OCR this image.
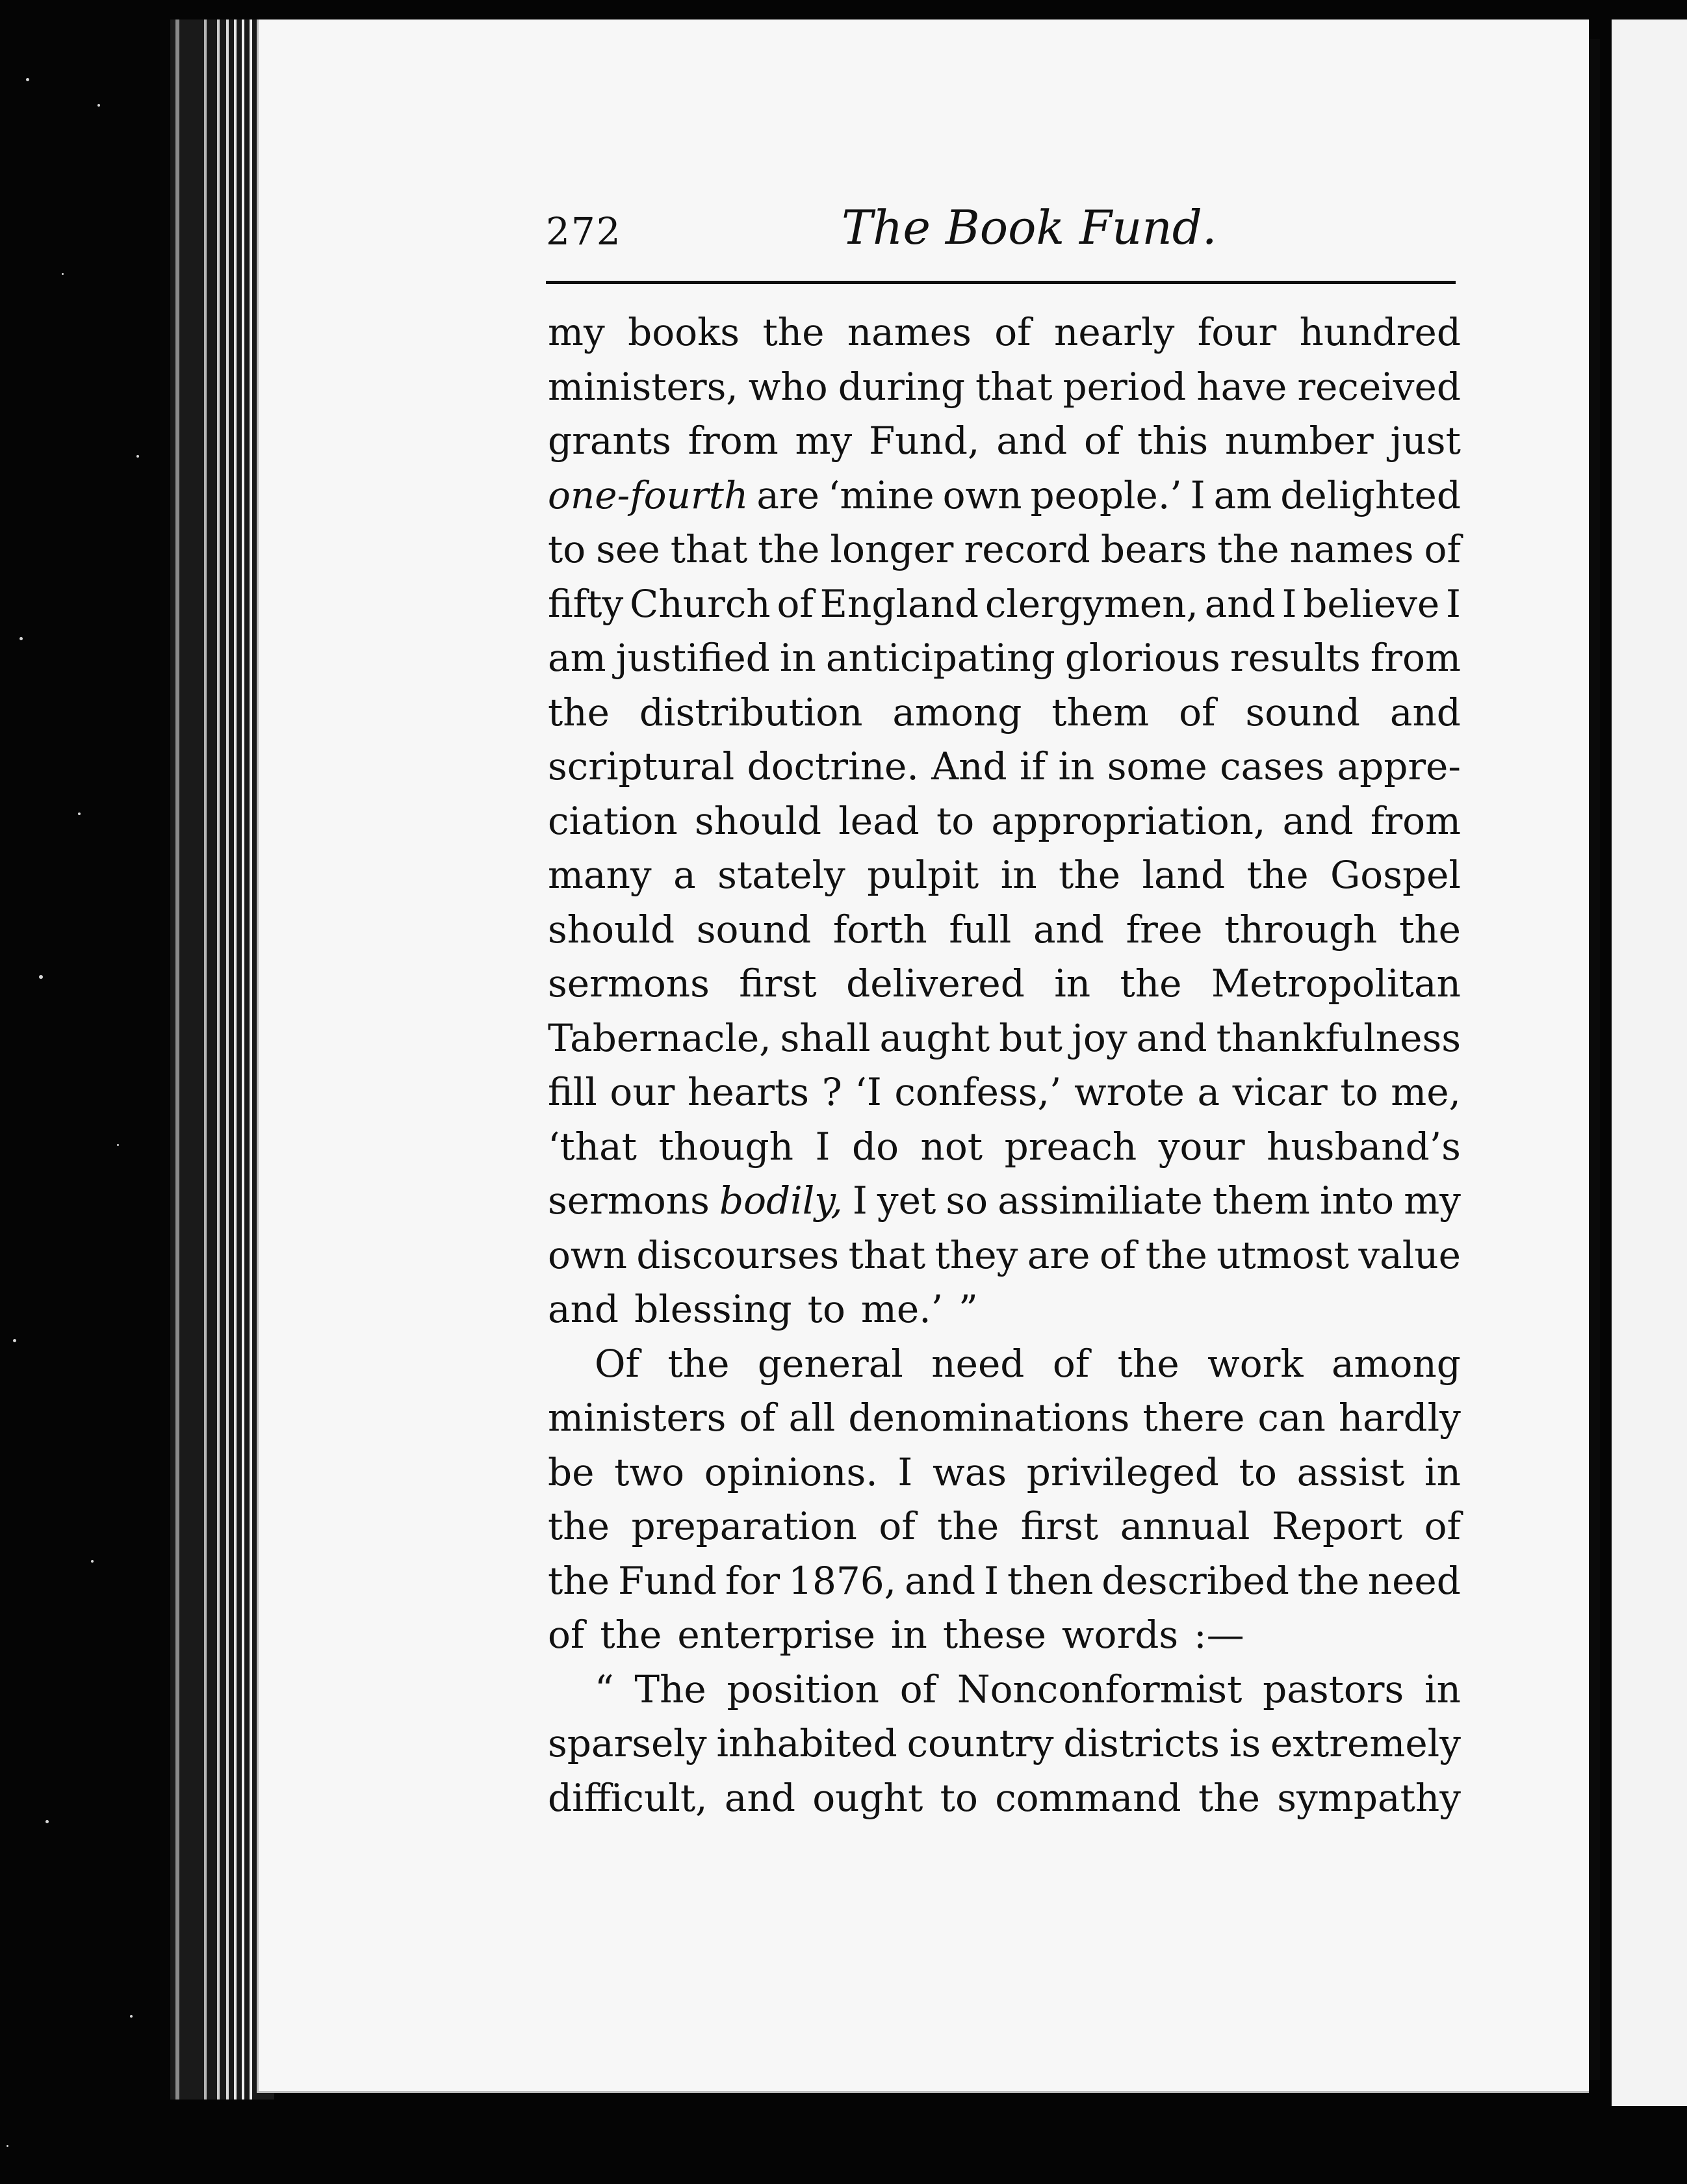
272	The Book Fund.
my books the names of nearly four hundred
ministers, who during that period have received
grants from my Fund, and of this number just
one-fourth are ‘mine own people.’ I am delighted
to see that the longer record bears the names of
fifty Church of England clergymen, and I believe I
am justified in anticipating glorious results from
the distribution among them of sound and
scriptural doctrine. And if in some cases appre-
ciation should lead to appropriation, and from
many a stately pulpit in the land the Gospel
should sound forth full and free through the
sermons first delivered in the Metropolitan
Tabernacle, shall aught but joy and thankfulness
fill our hearts ? ‘I confess,’ wrote a vicar to me,
‘that though I do not preach your husband’s
sermons bodily, I yet so assimiliate them into my
own discourses that they are of the utmost value
and blessing to me.’ ”
Of the general need of the work among
ministers of all denominations there can hardly
be two opinions. I was privileged to assist in
the preparation of the first annual Report of
the Fund for 1876, and I then described the need
of the enterprise in these words :—
“ The position of Nonconformist pastors in
sparsely inhabited country districts is extremely
difficult, and ought to command the sympathy
